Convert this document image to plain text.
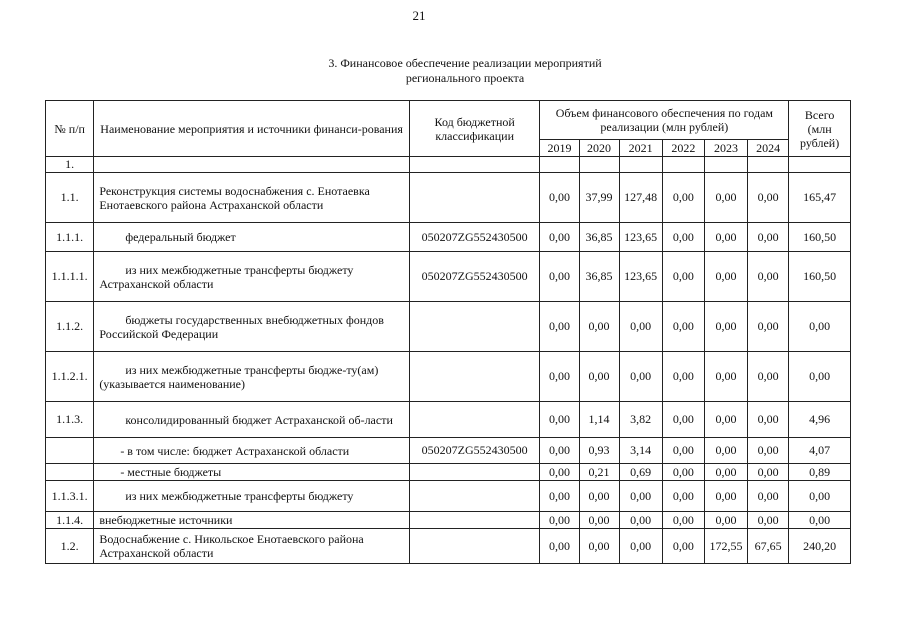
21
3. Финансовое обеспечение реализации мероприятий
регионального проекта
№ п/п	Наименование мероприятия и источники финанси-рования	Код бюджетной классификации	Объем финансового обеспечения по годам реализации (млн рублей)						Всего (млн рублей)
			2019	2020	2021	2022	2023	2024	
1.									
1.1.	Реконструкция системы водоснабжения с. Енотаевка Енотаевского района Астраханской области		0,00	37,99	127,48	0,00	0,00	0,00	165,47
1.1.1.	федеральный бюджет	050207ZG552430500	0,00	36,85	123,65	0,00	0,00	0,00	160,50
1.1.1.1.	из них межбюджетные трансферты бюджету Астраханской области	050207ZG552430500	0,00	36,85	123,65	0,00	0,00	0,00	160,50
1.1.2.	бюджеты государственных внебюджетных фондов Российской Федерации		0,00	0,00	0,00	0,00	0,00	0,00	0,00
1.1.2.1.	из них межбюджетные трансферты бюдже-ту(ам) (указывается наименование)		0,00	0,00	0,00	0,00	0,00	0,00	0,00
1.1.3.	консолидированный бюджет Астраханской об-ласти		0,00	1,14	3,82	0,00	0,00	0,00	4,96
	- в том числе: бюджет Астраханской области	050207ZG552430500	0,00	0,93	3,14	0,00	0,00	0,00	4,07
	- местные бюджеты		0,00	0,21	0,69	0,00	0,00	0,00	0,89
1.1.3.1.	из них межбюджетные трансферты бюджету		0,00	0,00	0,00	0,00	0,00	0,00	0,00
1.1.4.	внебюджетные источники		0,00	0,00	0,00	0,00	0,00	0,00	0,00
1.2.	Водоснабжение с. Никольское Енотаевского района Астраханской области		0,00	0,00	0,00	0,00	172,55	67,65	240,20
